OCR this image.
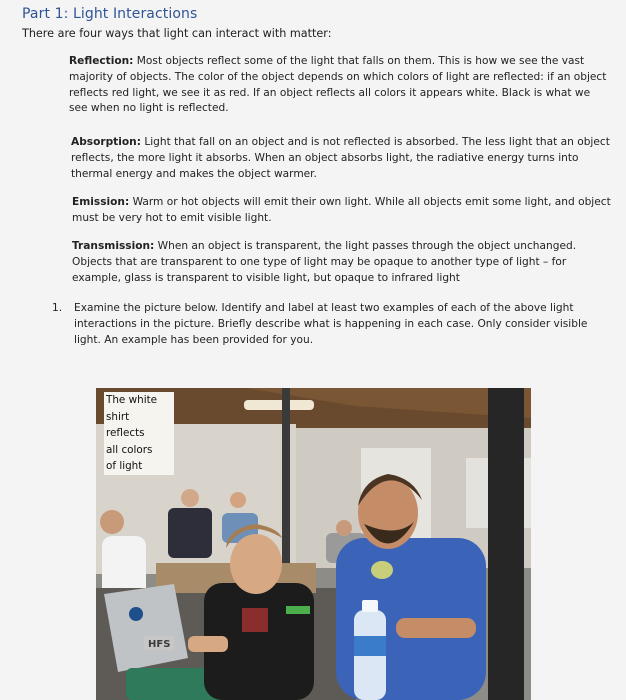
Part 1: Light Interactions
There are four ways that light can interact with matter:
Reflection: Most objects reflect some of the light that falls on them. This is how we see the vast majority of objects. The color of the object depends on which colors of light are reflected: if an object reflects red light, we see it as red. If an object reflects all colors it appears white. Black is what we see when no light is reflected.
Absorption: Light that fall on an object and is not reflected is absorbed. The less light that an object reflects, the more light it absorbs. When an object absorbs light, the radiative energy turns into thermal energy and makes the object warmer.
Emission: Warm or hot objects will emit their own light. While all objects emit some light, and object must be very hot to emit visible light.
Transmission: When an object is transparent, the light passes through the object unchanged. Objects that are transparent to one type of light may be opaque to another type of light – for example, glass is transparent to visible light, but opaque to infrared light
1. Examine the picture below. Identify and label at least two examples of each of the above light interactions in the picture. Briefly describe what is happening in each case. Only consider visible light. An example has been provided for you.
HFS
The white
shirt
reflects
all colors
of light
